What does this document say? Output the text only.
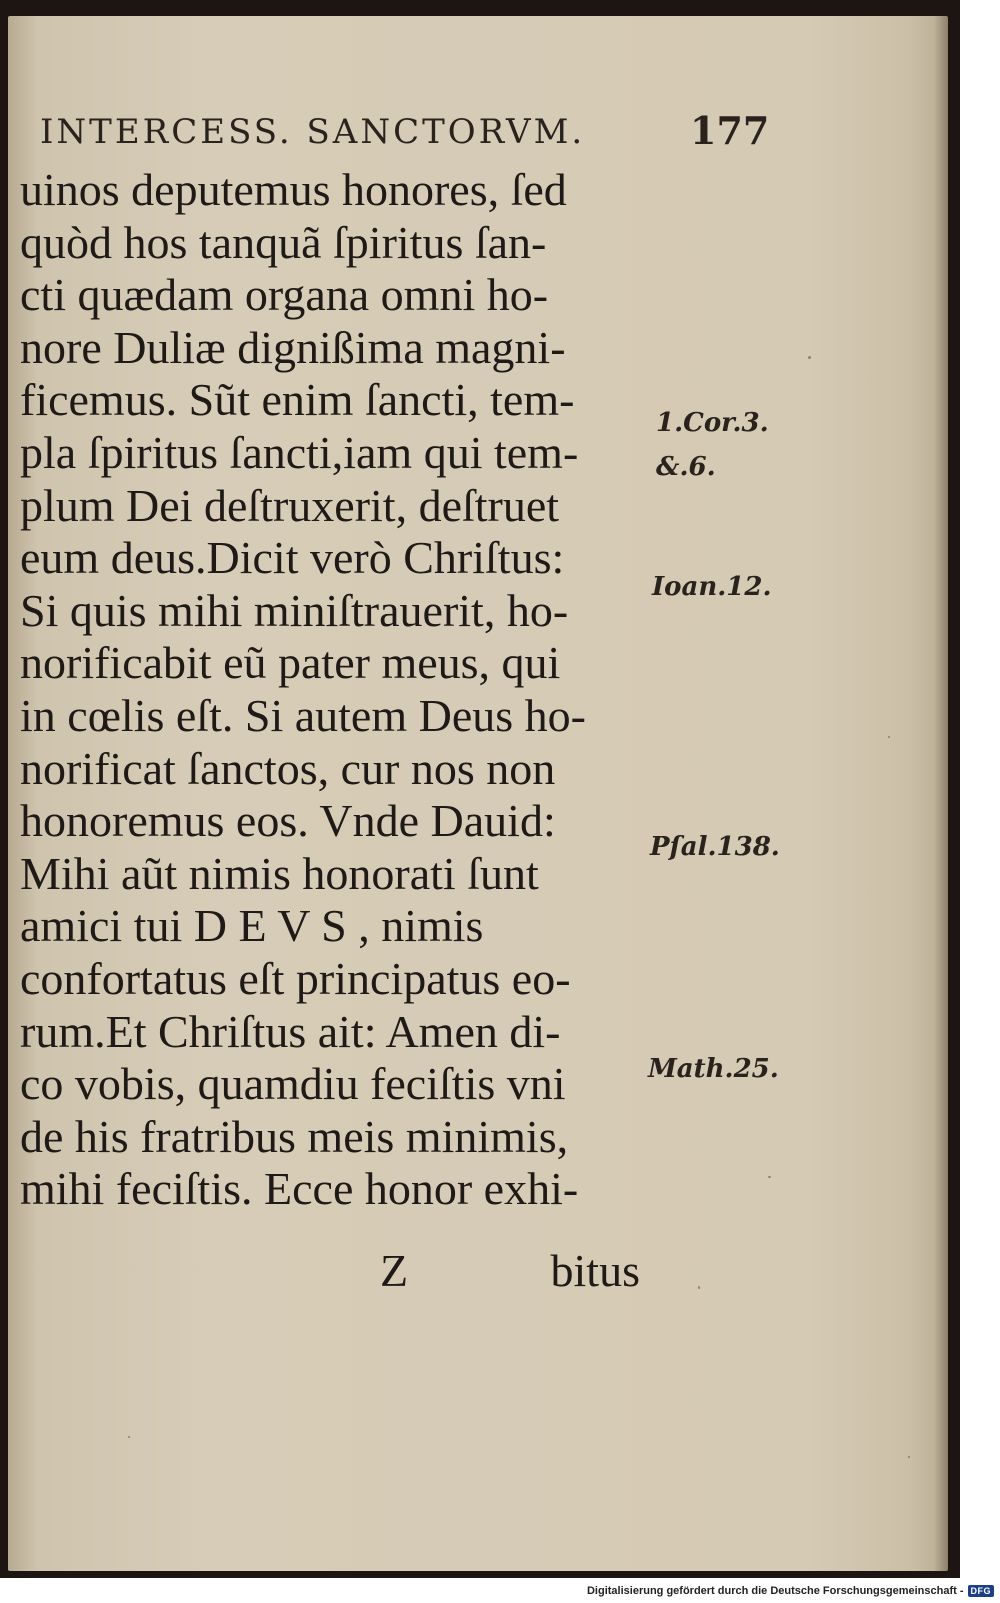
INTERCESS. SANCTORVM.	177
uinos deputemus honores, ſed
quòd hos tanquã ſpiritus ſan-
cti quædam organa omni ho-
nore Duliæ dignißima magni-
ficemus. Sũt enim ſancti, tem-
pla ſpiritus ſancti,iam qui tem-
plum Dei deſtruxerit, deſtruet
eum deus.Dicit verò Chriſtus:
Si quis mihi miniſtrauerit, ho-
norificabit eũ pater meus, qui
in cœlis eſt. Si autem Deus ho-
norificat ſanctos, cur nos non
honoremus eos. Vnde Dauid:
Mihi aũt nimis honorati ſunt
amici tui D E V S , nimis
confortatus eſt principatus eo-
rum.Et Chriſtus ait: Amen di-
co vobis, quamdiu feciſtis vni
de his fratribus meis minimis,
mihi feciſtis. Ecce honor exhi-
Z	bitus
1.Cor.3.
&.6.
Ioan.12.
Pſal.138.
Math.25.
Digitalisierung gefördert durch die Deutsche Forschungsgemeinschaft - DFG
